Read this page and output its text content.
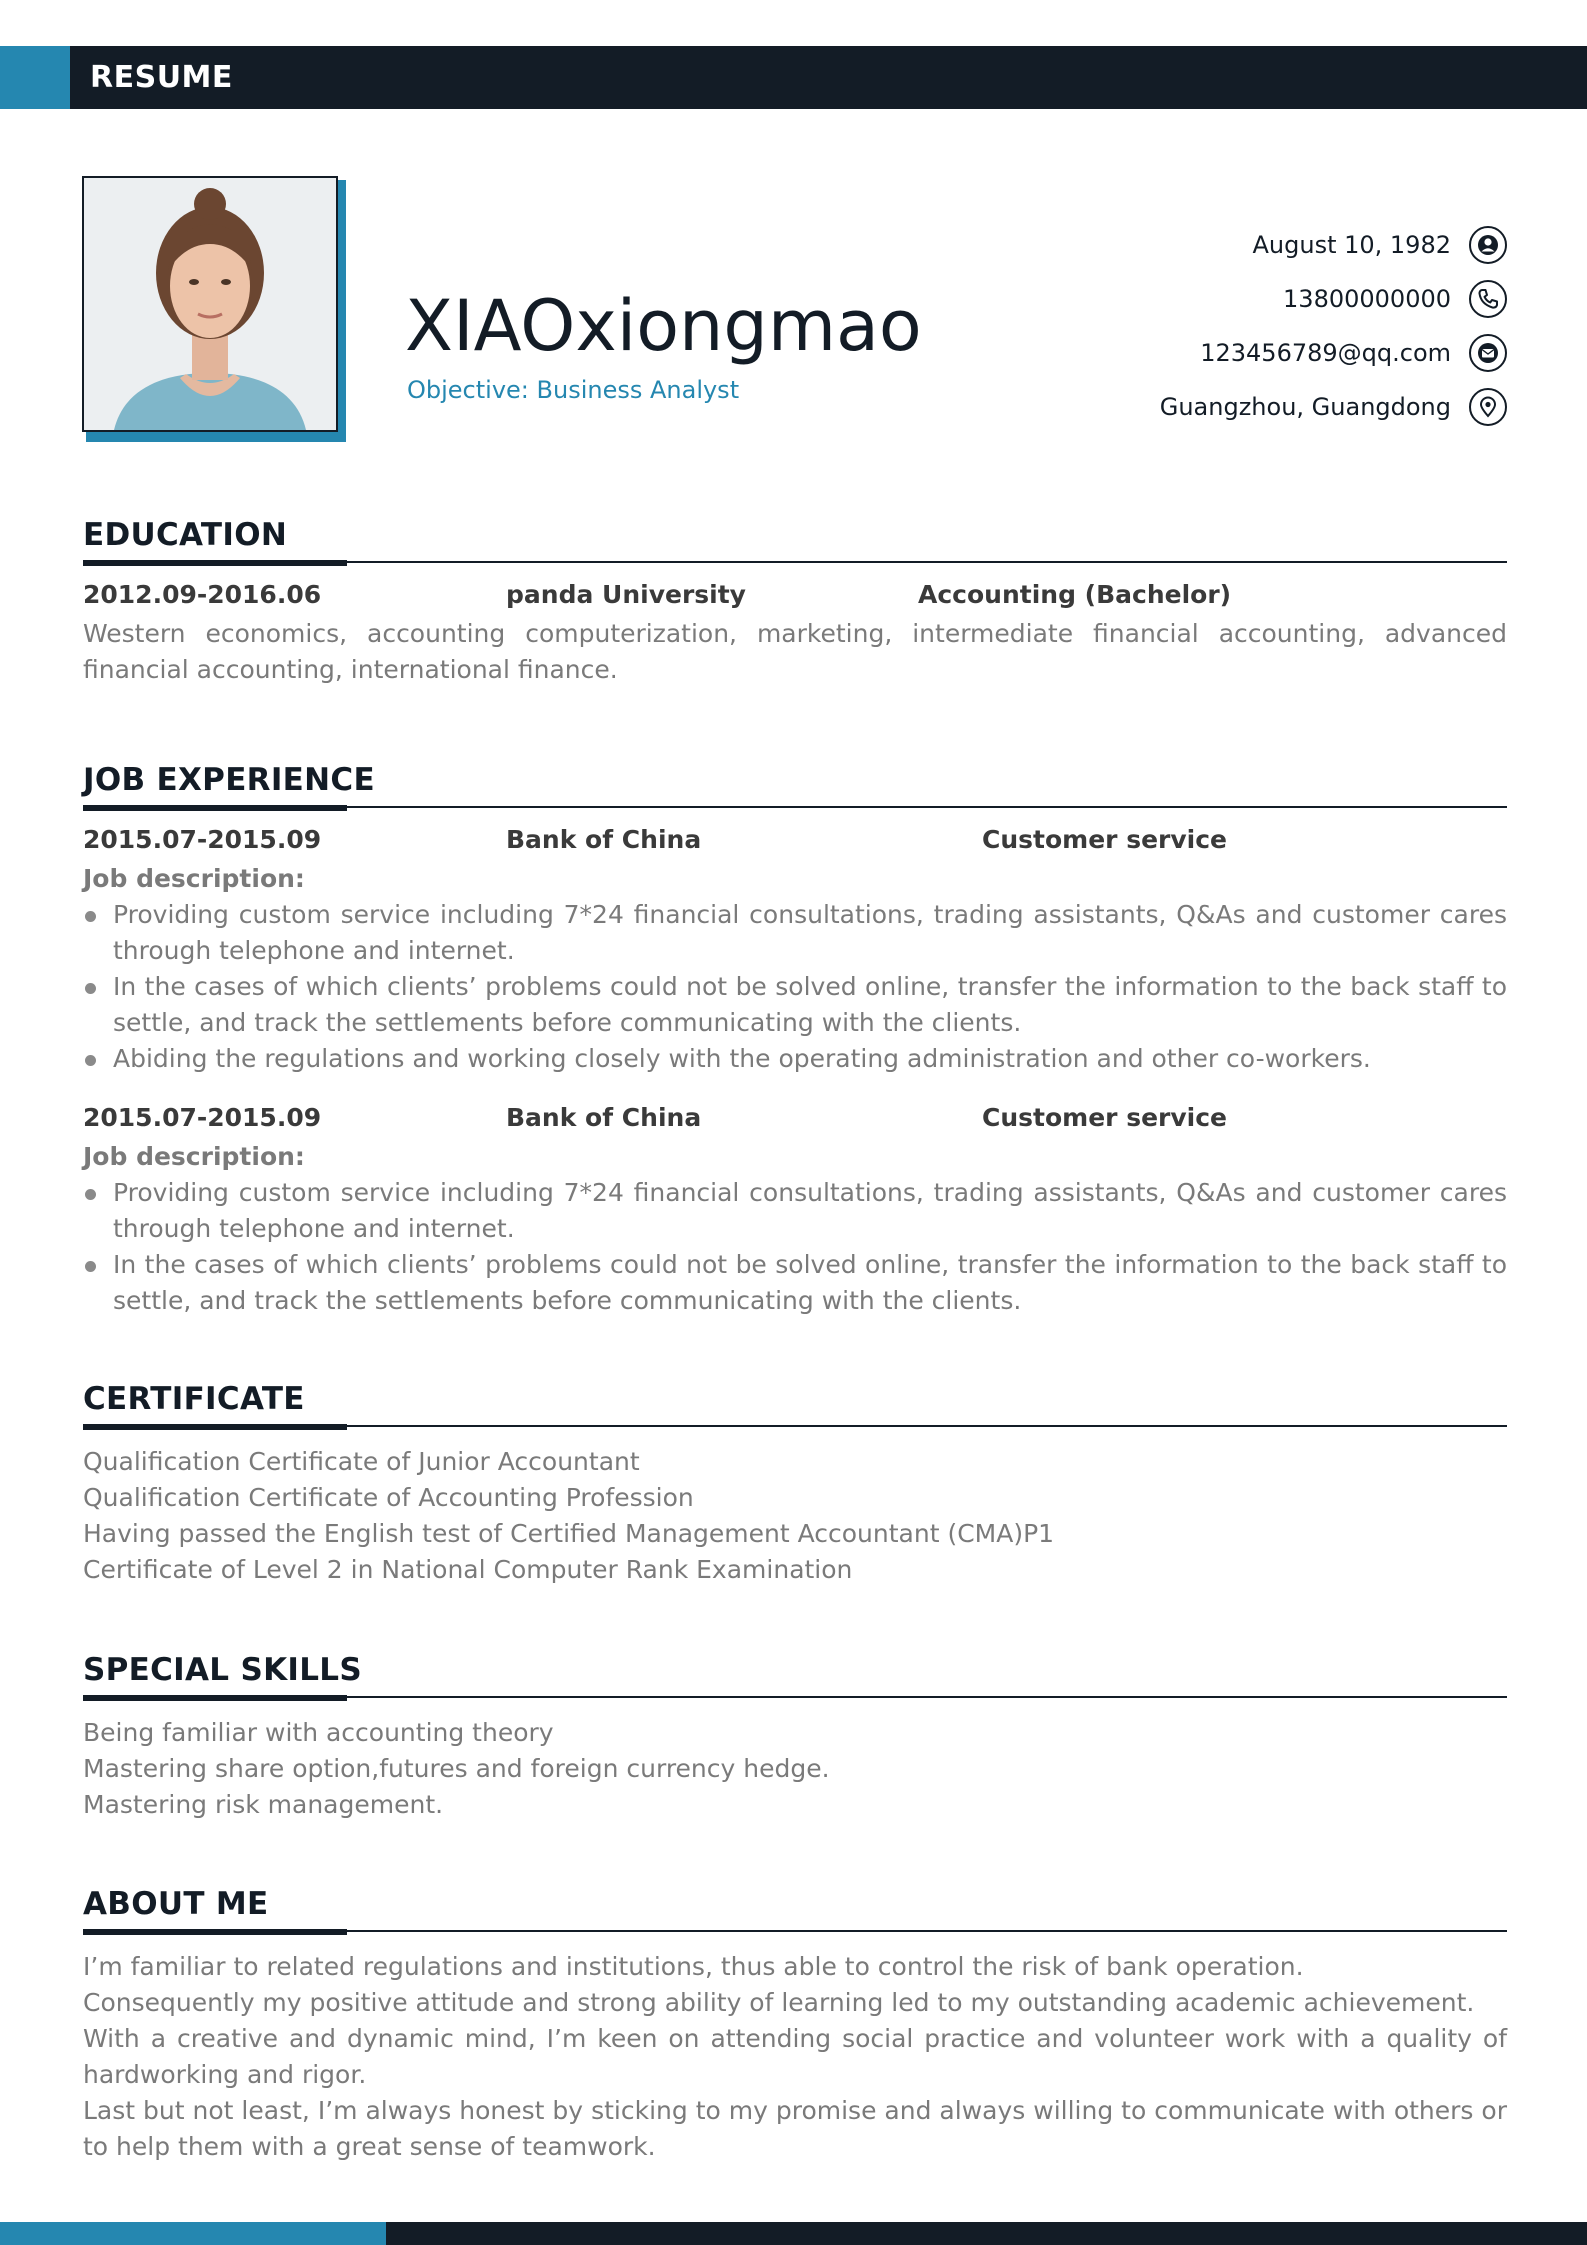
RESUME
XIAOxiongmao
Objective: Business Analyst
August 10, 1982
13800000000
123456789@qq.com
Guangzhou, Guangdong
EDUCATION
2012.09-2016.06	panda University	Accounting (Bachelor)
Western economics, accounting computerization, marketing, intermediate financial accounting, advanced financial accounting, international finance.
JOB EXPERIENCE
2015.07-2015.09	Bank of China	Customer service
Job description:
Providing custom service including 7*24 financial consultations, trading assistants, Q&As and customer cares through telephone and internet.
In the cases of which clients’ problems could not be solved online, transfer the information to the back staff to settle, and track the settlements before communicating with the clients.
Abiding the regulations and working closely with the operating administration and other co-workers.
2015.07-2015.09	Bank of China	Customer service
Job description:
Providing custom service including 7*24 financial consultations, trading assistants, Q&As and customer cares through telephone and internet.
In the cases of which clients’ problems could not be solved online, transfer the information to the back staff to settle, and track the settlements before communicating with the clients.
CERTIFICATE
Qualification Certificate of Junior Accountant
Qualification Certificate of Accounting Profession
Having passed the English test of Certified Management Accountant (CMA)P1
Certificate of Level 2 in National Computer Rank Examination
SPECIAL SKILLS
Being familiar with accounting theory
Mastering share option,futures and foreign currency hedge.
Mastering risk management.
ABOUT ME
I’m familiar to related regulations and institutions, thus able to control the risk of bank operation.
Consequently my positive attitude and strong ability of learning led to my outstanding academic achievement.
With a creative and dynamic mind, I’m keen on attending social practice and volunteer work with a quality of hardworking and rigor.
Last but not least, I’m always honest by sticking to my promise and always willing to communicate with others or to help them with a great sense of teamwork.
